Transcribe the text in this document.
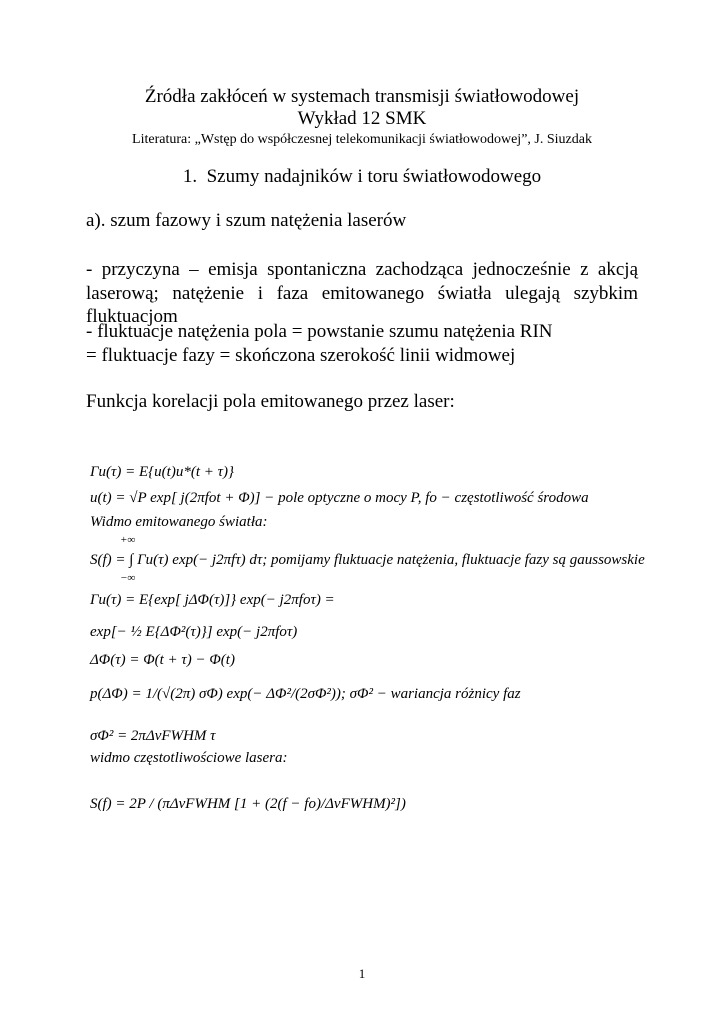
Źródła zakłóceń w systemach transmisji światłowodowej
Wykład 12 SMK
Literatura: „Wstęp do współczesnej telekomunikacji światłowodowej”, J. Siuzdak
1. Szumy nadajników i toru światłowodowego
a). szum fazowy i szum natężenia laserów
- przyczyna – emisja spontaniczna zachodząca jednocześnie z akcją
laserową; natężenie i faza emitowanego światła ulegają szybkim
fluktuacjom
- fluktuacje natężenia pola = powstanie szumu natężenia RIN
= fluktuacje fazy = skończona szerokość linii widmowej
Funkcja korelacji pola emitowanego przez laser:
Γu(τ) = E{u(t)u*(t + τ)}
u(t) = √P exp[ j(2πfot + Φ)] − pole optyczne o mocy P, fo − częstotliwość środowa
Widmo emitowanego światła:
+∞
S(f) = ∫ Γu(τ) exp(− j2πfτ) dτ; pomijamy fluktuacje natężenia, fluktuacje fazy są gaussowskie
−∞
Γu(τ) = E{exp[ jΔΦ(τ)]} exp(− j2πfoτ) =
exp[− ½ E{ΔΦ²(τ)}] exp(− j2πfoτ)
ΔΦ(τ) = Φ(t + τ) − Φ(t)
p(ΔΦ) = 1/(√(2π) σΦ) exp(− ΔΦ²/(2σΦ²)); σΦ² − wariancja różnicy faz
σΦ² = 2πΔνFWHM τ
widmo częstotliwościowe lasera:
S(f) = 2P / (πΔνFWHM [1 + (2(f − fo)/ΔνFWHM)²])
1
